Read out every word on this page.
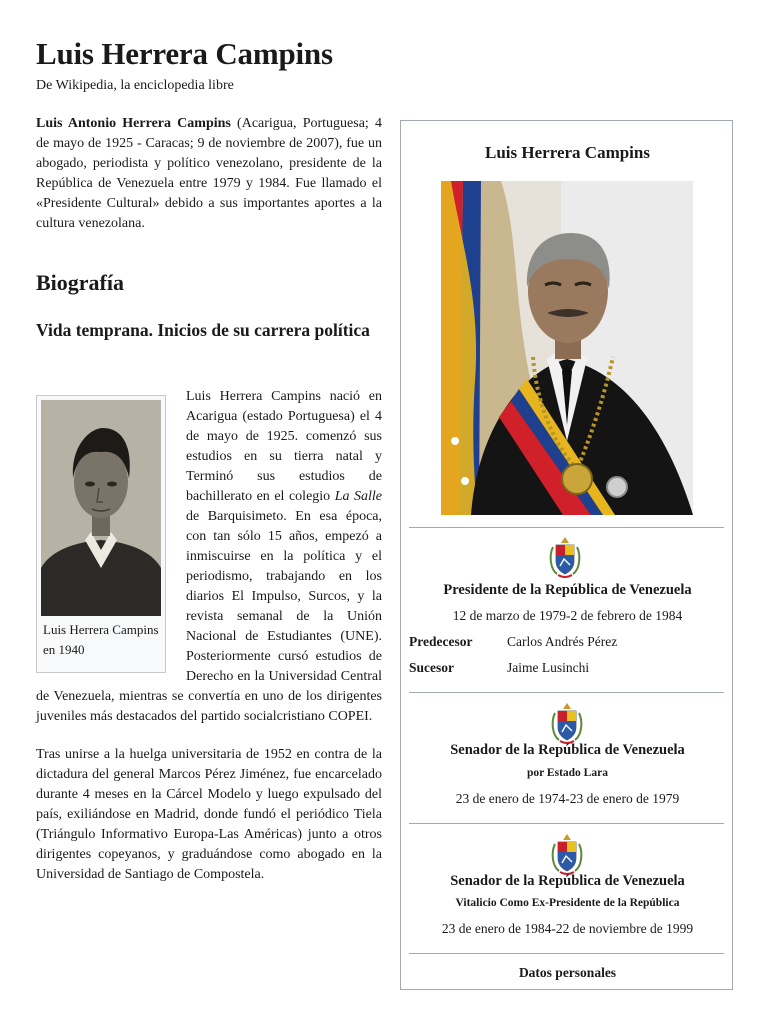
Luis Herrera Campins
De Wikipedia, la enciclopedia libre

Luis Antonio Herrera Campins (Acarigua, Portuguesa; 4 de mayo de 1925 - Caracas; 9 de noviembre de 2007), fue un abogado, periodista y político venezolano, presidente de la República de Venezuela entre 1979 y 1984. Fue llamado el «Presidente Cultural» debido a sus importantes aportes a la cultura venezolana.

Biografía
Vida temprana. Inicios de su carrera política
Luis Herrera Campins en 1940

Luis Herrera Campins nació en Acarigua (estado Portuguesa) el 4 de mayo de 1925. comenzó sus estudios en su tierra natal y Terminó sus estudios de bachillerato en el colegio La Salle de Barquisimeto. En esa época, con tan sólo 15 años, empezó a inmiscuirse en la política y el periodismo, trabajando en los diarios El Impulso, Surcos, y la revista semanal de la Unión Nacional de Estudiantes (UNE). Posteriormente cursó estudios de Derecho en la Universidad Central de Venezuela, mientras se convertía en uno de los dirigentes juveniles más destacados del partido socialcristiano COPEI.

Tras unirse a la huelga universitaria de 1952 en contra de la dictadura del general Marcos Pérez Jiménez, fue encarcelado durante 4 meses en la Cárcel Modelo y luego expulsado del país, exiliándose en Madrid, donde fundó el periódico Tiela (Triángulo Informativo Europa-Las Américas) junto a otros dirigentes copeyanos, y graduándose como abogado en la Universidad de Santiago de Compostela.

Luis Herrera Campins
Presidente de la República de Venezuela
12 de marzo de 1979-2 de febrero de 1984
Predecesor	Carlos Andrés Pérez
Sucesor	Jaime Lusinchi
Senador de la República de Venezuela
por Estado Lara
23 de enero de 1974-23 de enero de 1979
Senador de la República de Venezuela
Vitalicio Como Ex-Presidente de la República
23 de enero de 1984-22 de noviembre de 1999
Datos personales
